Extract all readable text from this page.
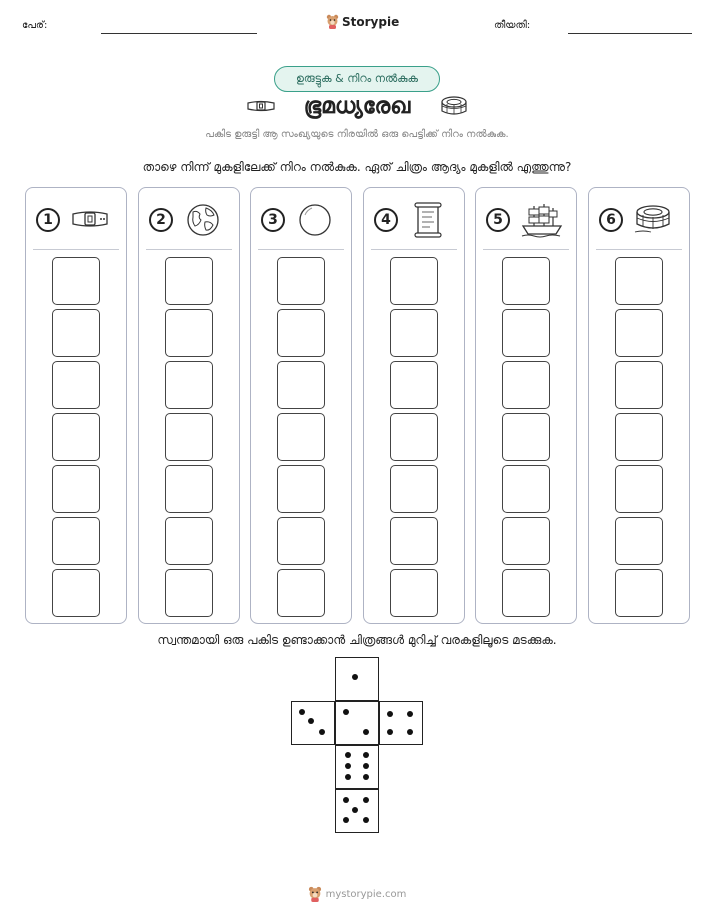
പേര്:	Storypie	തീയതി:
ഉരുട്ടുക & നിറം നൽകുക
ഭൂമധ്യരേഖ
പകിട ഉരുട്ടി ആ സംഖ്യയുടെ നിരയിൽ ഒരു പെട്ടിക്ക് നിറം നൽകുക.
താഴെ നിന്ന് മുകളിലേക്ക് നിറം നൽകുക. ഏത് ചിത്രം ആദ്യം മുകളിൽ എത്തുന്നു?
1	2	3	4	5	6
സ്വന്തമായി ഒരു പകിട ഉണ്ടാക്കാൻ ചിത്രങ്ങൾ മുറിച്ച് വരകളിലൂടെ മടക്കുക.
mystorypie.com
